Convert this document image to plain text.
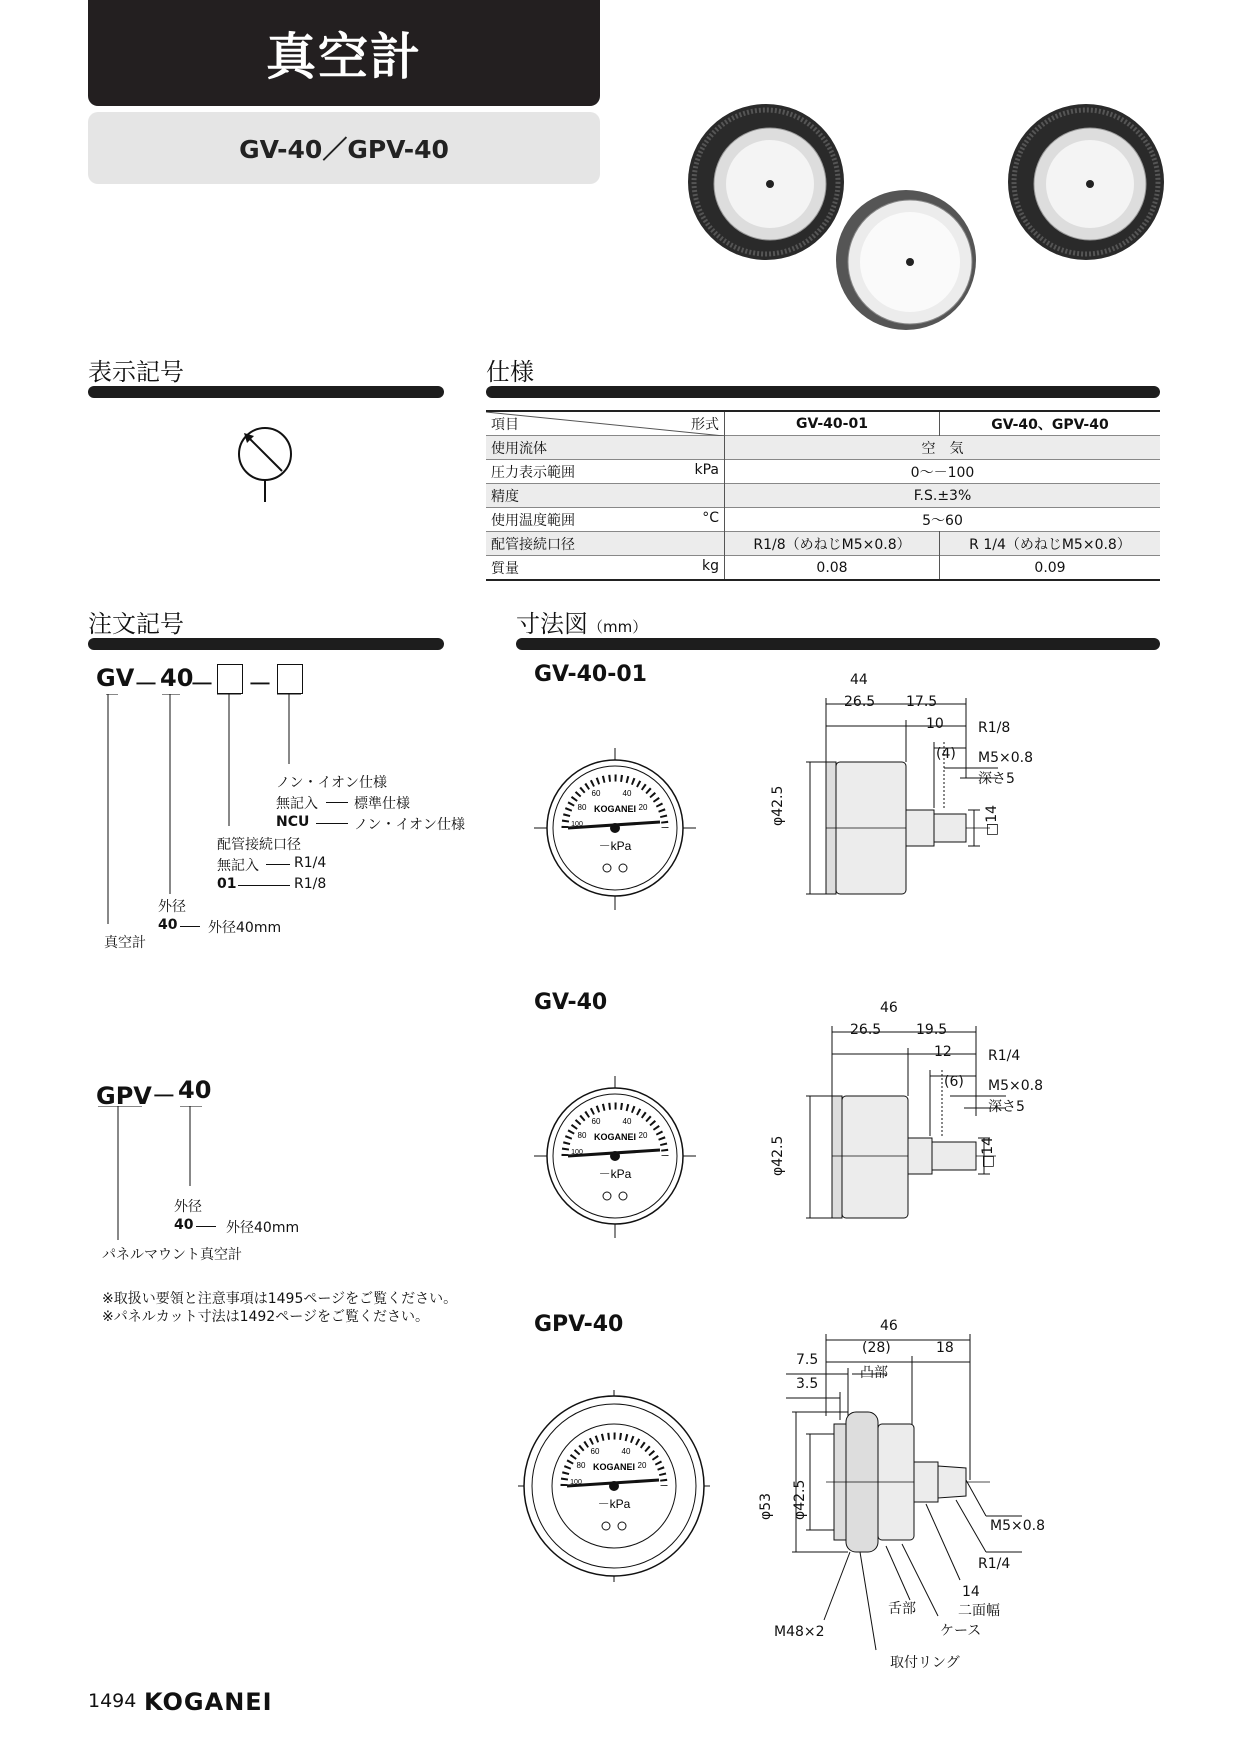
真空計
GV-40／GPV-40
表示記号	仕様
項目 形式	GV-40-01	GV-40、GPV-40

使用流体	空　気	

圧力表示範囲 kPa	0〜－100	

精度	F.S.±3%	

使用温度範囲 °C	5〜60	

配管接続口径	R1/8（めねじM5×0.8）	R 1/4（めねじM5×0.8）

質量 kg	0.08	0.09
注文記号
GV － 40
－ －
ノン・イオン仕様
無記入	標準仕様
NCU	ノン・イオン仕様
配管接続口径
無記入	R1/4
01	R1/8
外径
40 外径40mm
真空計
GPV－ 40
外径
40 外径40mm
パネルマウント真空計
※取扱い要領と注意事項は1495ページをご覧ください。
※パネルカット寸法は1492ページをご覧ください。
寸法図（mm）
GV-40-01
GV-40
GPV-40
KOGANEI
－kPa
80
60	40
20
100
44
26.5 17.5
10
(4)
R1/8
M5×0.8
深さ5
φ42.5	□14
KOGANEI
－kPa
80
60	40
20
100
46
26.5 19.5
12
(6)
R1/4
M5×0.8
深さ5
φ42.5	□14
KOGANEI
－kPa
80
60	40
20
100
46
(28)	18
7.5
3.5
凸部
φ53 φ42.5
M5×0.8
R1/4
14
二面幅
舌部
ケース
M48×2
取付リング
1494 KOGANEI
